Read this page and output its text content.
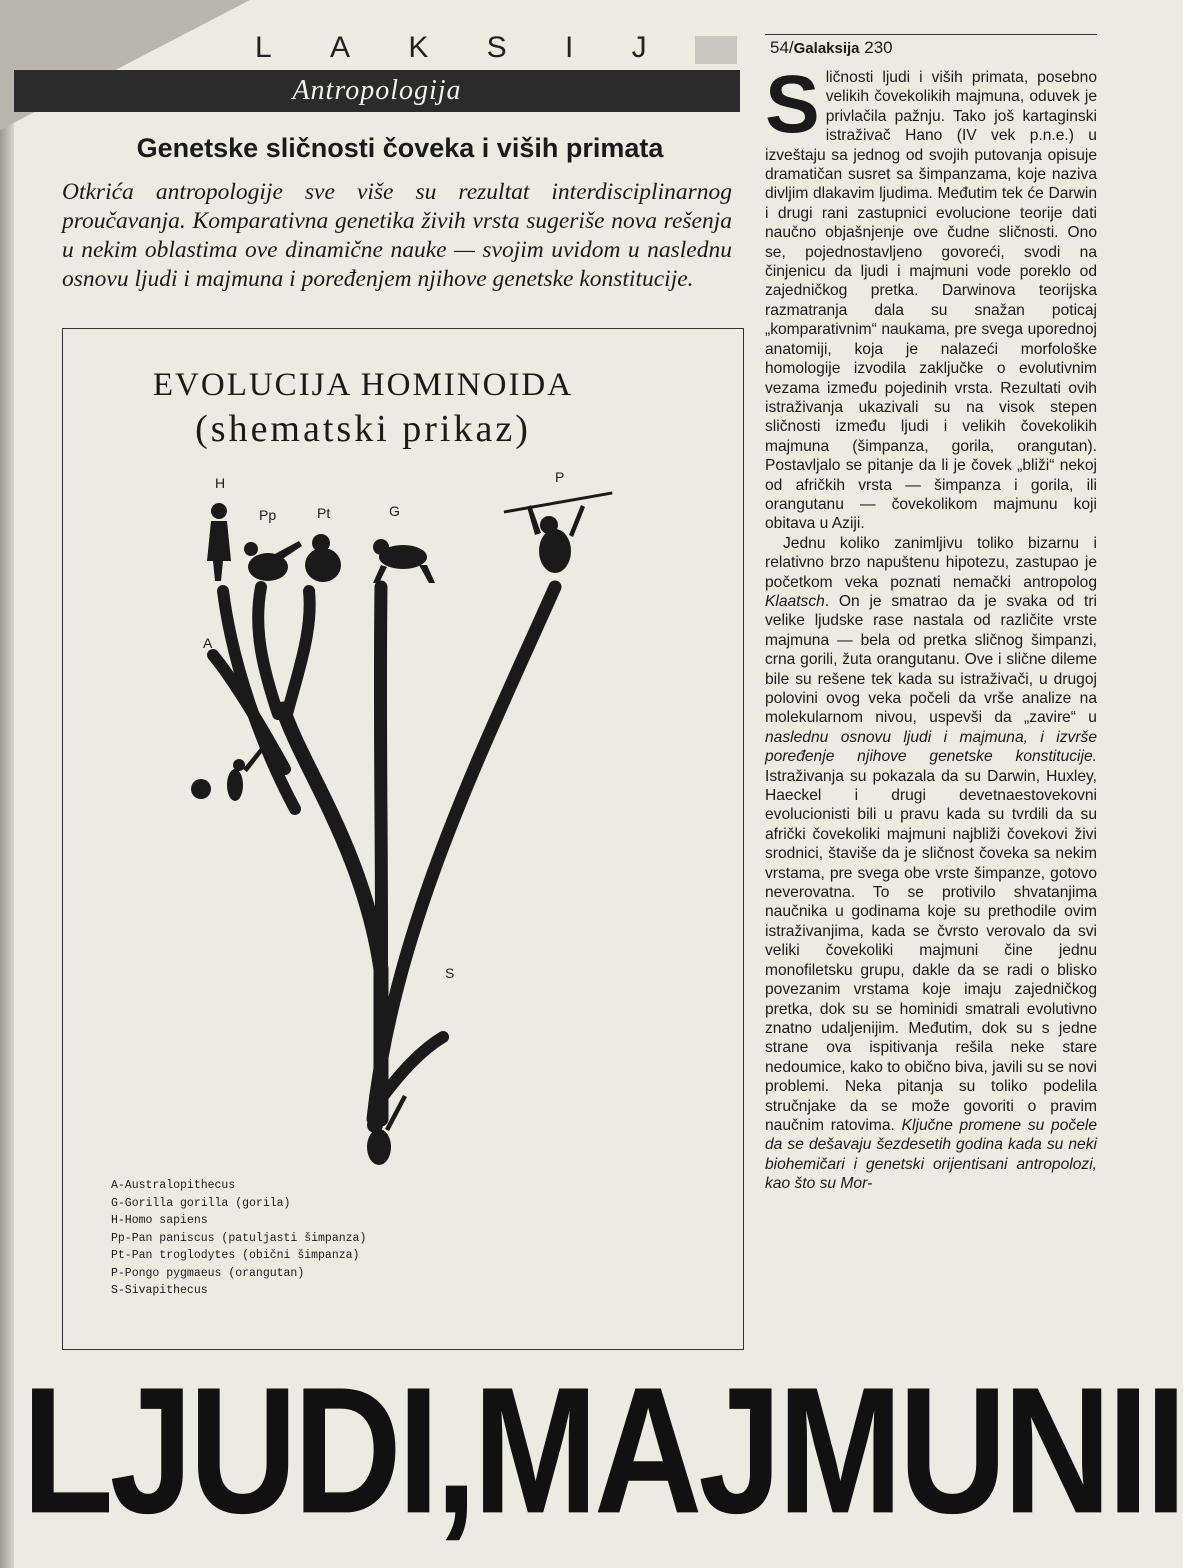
L A K S I J
Antropologija
Genetske sličnosti čoveka i viših primata

Otkrića antropologije sve više su rezultat interdisciplinarnog proučavanja. Komparativna genetika živih vrsta sugeriše nova rešenja u nekim oblastima ove dinamične nauke — svojim uvidom u naslednu osnovu ljudi i majmuna i poređenjem njihove genetske konstitucije.

EVOLUCIJA HOMINOIDA
(shematski prikaz)
H
Pp	Pt	G
P
A
S
A-Australopithecus
G-Gorilla gorilla (gorila)
H-Homo sapiens
Pp-Pan paniscus (patuljasti šimpanza)
Pt-Pan troglodytes (obični šimpanza)
P-Pongo pygmaeus (orangutan)
S-Sivapithecus
54/Galaksija 230

Sličnosti ljudi i viših primata, posebno velikih čovekolikih majmuna, oduvek je privlačila pažnju. Tako još kartaginski istraživač Hano (IV vek p.n.e.) u izveštaju sa jednog od svojih putovanja opisuje dramatičan susret sa šimpanzama, koje naziva divljim dlakavim ljudima. Međutim tek će Darwin i drugi rani zastupnici evolucione teorije dati naučno objašnjenje ove čudne sličnosti. Ono se, pojednostavljeno govoreći, svodi na činjenicu da ljudi i majmuni vode poreklo od zajedničkog pretka. Darwinova teorijska razmatranja dala su snažan poticaj „komparativnim“ naukama, pre svega uporednoj anatomiji, koja je nalazeći morfološke homologije izvodila zaključke o evolutivnim vezama između pojedinih vrsta. Rezultati ovih istraživanja ukazivali su na visok stepen sličnosti između ljudi i velikih čovekolikih majmuna (šimpanza, gorila, orangutan). Postavljalo se pitanje da li je čovek „bliži“ nekoj od afričkih vrsta — šimpanza i gorila, ili orangutanu — čovekolikom majmunu koji obitava u Aziji.

Jednu koliko zanimljivu toliko bizarnu i relativno brzo napuštenu hipotezu, zastupao je početkom veka poznati nemački antropolog Klaatsch. On je smatrao da je svaka od tri velike ljudske rase nastala od različite vrste majmuna — bela od pretka sličnog šimpanzi, crna gorili, žuta orangutanu. Ove i slične dileme bile su rešene tek kada su istraživači, u drugoj polovini ovog veka počeli da vrše analize na molekularnom nivou, uspevši da „zavire“ u naslednu osnovu ljudi i majmuna, i izvrše poređenje njihove genetske konstitucije. Istraživanja su pokazala da su Darwin, Huxley, Haeckel i drugi devetnaestovekovni evolucionisti bili u pravu kada su tvrdili da su afrički čovekoliki majmuni najbliži čovekovi živi srodnici, štaviše da je sličnost čoveka sa nekim vrstama, pre svega obe vrste šimpanze, gotovo neverovatna. To se protivilo shvatanjima naučnika u godinama koje su prethodile ovim istraživanjima, kada se čvrsto verovalo da svi veliki čovekoliki majmuni čine jednu monofiletsku grupu, dakle da se radi o blisko povezanim vrstama koje imaju zajedničkog pretka, dok su se hominidi smatrali evolutivno znatno udaljenijim. Međutim, dok su s jedne strane ova ispitivanja rešila neke stare nedoumice, kako to obično biva, javili su se novi problemi. Neka pitanja su toliko podelila stručnjake da se može govoriti o pravim naučnim ratovima. Ključne promene su počele da se dešavaju šezdesetih godina kada su neki biohemičari i genetski orijentisani antropolozi, kao što su Mor-

LJUDI, MAJMUNI I
